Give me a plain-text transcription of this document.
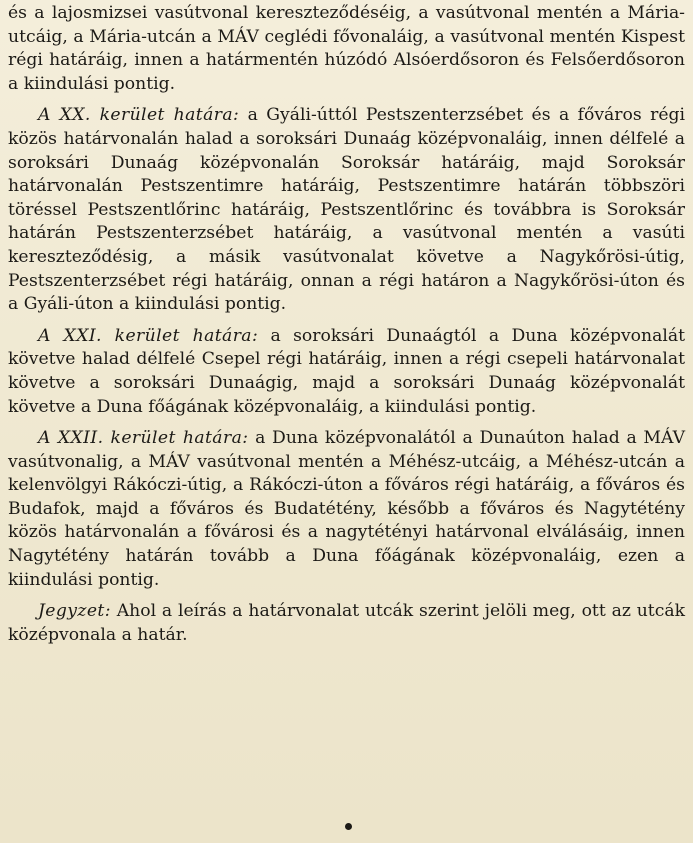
és a lajosmizsei vasútvonal kereszteződéséig, a vasútvonal mentén a Mária-utcáig, a Mária-utcán a MÁV ceglédi fővonaláig, a vasútvonal mentén Kispest régi határáig, innen a határmentén húzódó Alsóerdősoron és Felsőerdősoron a kiindulási pontig.

A XX. kerület határa: a Gyáli-úttól Pestszenterzsébet és a főváros régi közös határvonalán halad a soroksári Dunaág középvonaláig, innen délfelé a soroksári Dunaág középvonalán Soroksár határáig, majd Soroksár határvonalán Pestszentimre határáig, Pestszentimre határán többszöri töréssel Pestszentlőrinc határáig, Pestszentlőrinc és továbbra is Soroksár határán Pestszenterzsébet határáig, a vasútvonal mentén a vasúti kereszteződésig, a másik vasútvonalat követve a Nagykőrösi-útig, Pestszenterzsébet régi határáig, onnan a régi határon a Nagykőrösi-úton és a Gyáli-úton a kiindulási pontig.

A XXI. kerület határa: a soroksári Dunaágtól a Duna középvonalát követve halad délfelé Csepel régi határáig, innen a régi csepeli határvonalat követve a soroksári Dunaágig, majd a soroksári Dunaág középvonalát követve a Duna főágának középvonaláig, a kiindulási pontig.

A XXII. kerület határa: a Duna középvonalától a Dunaúton halad a MÁV vasútvonalig, a MÁV vasútvonal mentén a Méhész-utcáig, a Méhész-utcán a kelenvölgyi Rákóczi-útig, a Rákóczi-úton a főváros régi határáig, a főváros és Budafok, majd a főváros és Budatétény, később a főváros és Nagytétény közös határvonalán a fővárosi és a nagytétényi határvonal elválásáig, innen Nagytétény határán tovább a Duna főágának középvonaláig, ezen a kiindulási pontig.

Jegyzet: Ahol a leírás a határvonalat utcák szerint jelöli meg, ott az utcák középvonala a határ.
